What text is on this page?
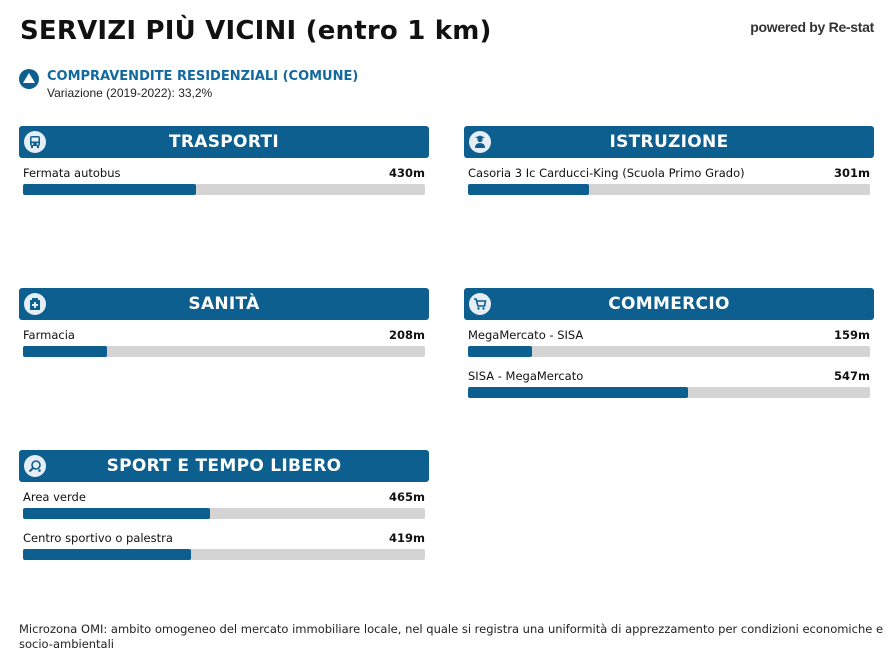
SERVIZI PIÙ VICINI (entro 1 km)	powered by Re-stat
COMPRAVENDITE RESIDENZIALI (COMUNE)
Variazione (2019-2022): 33,2%
TRASPORTI
Fermata autobus	430m
ISTRUZIONE
Casoria 3 Ic Carducci-King (Scuola Primo Grado)	301m
SANITÀ
Farmacia	208m
COMMERCIO
MegaMercato - SISA	159m
SISA - MegaMercato	547m
SPORT E TEMPO LIBERO
Area verde	465m
Centro sportivo o palestra	419m
Microzona OMI: ambito omogeneo del mercato immobiliare locale, nel quale si registra una uniformità di apprezzamento per condizioni economiche e socio-ambientali
